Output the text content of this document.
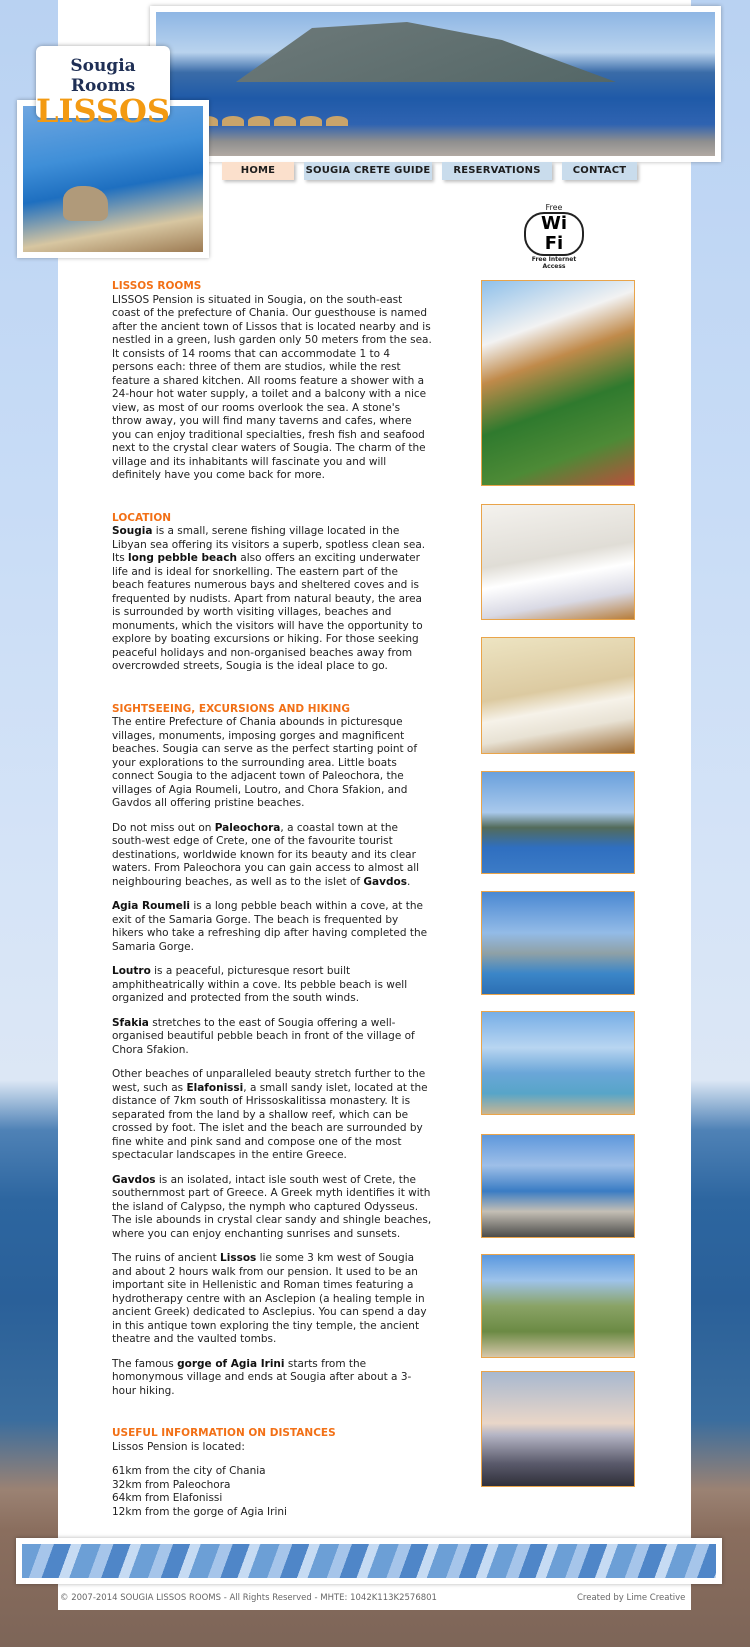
Sougia Rooms
LISSOS
HOME	SOUGIA CRETE GUIDE	RESERVATIONS	CONTACT
Free
Wi Fi
Free Internet Access
LISSOS ROOMS

LISSOS Pension is situated in Sougia, on the south-east coast of the prefecture of Chania. Our guesthouse is named after the ancient town of Lissos that is located nearby and is nestled in a green, lush garden only 50 meters from the sea. It consists of 14 rooms that can accommodate 1 to 4 persons each: three of them are studios, while the rest feature a shared kitchen. All rooms feature a shower with a 24-hour hot water supply, a toilet and a balcony with a nice view, as most of our rooms overlook the sea. A stone's throw away, you will find many taverns and cafes, where you can enjoy traditional specialties, fresh fish and seafood next to the crystal clear waters of Sougia. The charm of the village and its inhabitants will fascinate you and will definitely have you come back for more.

LOCATION

Sougia is a small, serene fishing village located in the Libyan sea offering its visitors a superb, spotless clean sea. Its long pebble beach also offers an exciting underwater life and is ideal for snorkelling. The eastern part of the beach features numerous bays and sheltered coves and is frequented by nudists. Apart from natural beauty, the area is surrounded by worth visiting villages, beaches and monuments, which the visitors will have the opportunity to explore by boating excursions or hiking. For those seeking peaceful holidays and non-organised beaches away from overcrowded streets, Sougia is the ideal place to go.

SIGHTSEEING, EXCURSIONS AND HIKING

The entire Prefecture of Chania abounds in picturesque villages, monuments, imposing gorges and magnificent beaches. Sougia can serve as the perfect starting point of your explorations to the surrounding area. Little boats connect Sougia to the adjacent town of Paleochora, the villages of Agia Roumeli, Loutro, and Chora Sfakion, and Gavdos all offering pristine beaches.

Do not miss out on Paleochora, a coastal town at the south-west edge of Crete, one of the favourite tourist destinations, worldwide known for its beauty and its clear waters. From Paleochora you can gain access to almost all neighbouring beaches, as well as to the islet of Gavdos.

Agia Roumeli is a long pebble beach within a cove, at the exit of the Samaria Gorge. The beach is frequented by hikers who take a refreshing dip after having completed the Samaria Gorge.

Loutro is a peaceful, picturesque resort built amphitheatrically within a cove. Its pebble beach is well organized and protected from the south winds.

Sfakia stretches to the east of Sougia offering a well-organised beautiful pebble beach in front of the village of Chora Sfakion.

Other beaches of unparalleled beauty stretch further to the west, such as Elafonissi, a small sandy islet, located at the distance of 7km south of Hrissoskalitissa monastery. It is separated from the land by a shallow reef, which can be crossed by foot. The islet and the beach are surrounded by fine white and pink sand and compose one of the most spectacular landscapes in the entire Greece.

Gavdos is an isolated, intact isle south west of Crete, the southernmost part of Greece. A Greek myth identifies it with the island of Calypso, the nymph who captured Odysseus. The isle abounds in crystal clear sandy and shingle beaches, where you can enjoy enchanting sunrises and sunsets.

The ruins of ancient Lissos lie some 3 km west of Sougia and about 2 hours walk from our pension. It used to be an important site in Hellenistic and Roman times featuring a hydrotherapy centre with an Asclepion (a healing temple in ancient Greek) dedicated to Asclepius. You can spend a day in this antique town exploring the tiny temple, the ancient theatre and the vaulted tombs.

The famous gorge of Agia Irini starts from the homonymous village and ends at Sougia after about a 3-hour hiking.

USEFUL INFORMATION ON DISTANCES

Lissos Pension is located:

61km from the city of Chania
32km from Paleochora
64km from Elafonissi
12km from the gorge of Agia Irini
© 2007-2014 SOUGIA LISSOS ROOMS - All Rights Reserved - MHTE: 1042K113K2576801	Created by Lime Creative
